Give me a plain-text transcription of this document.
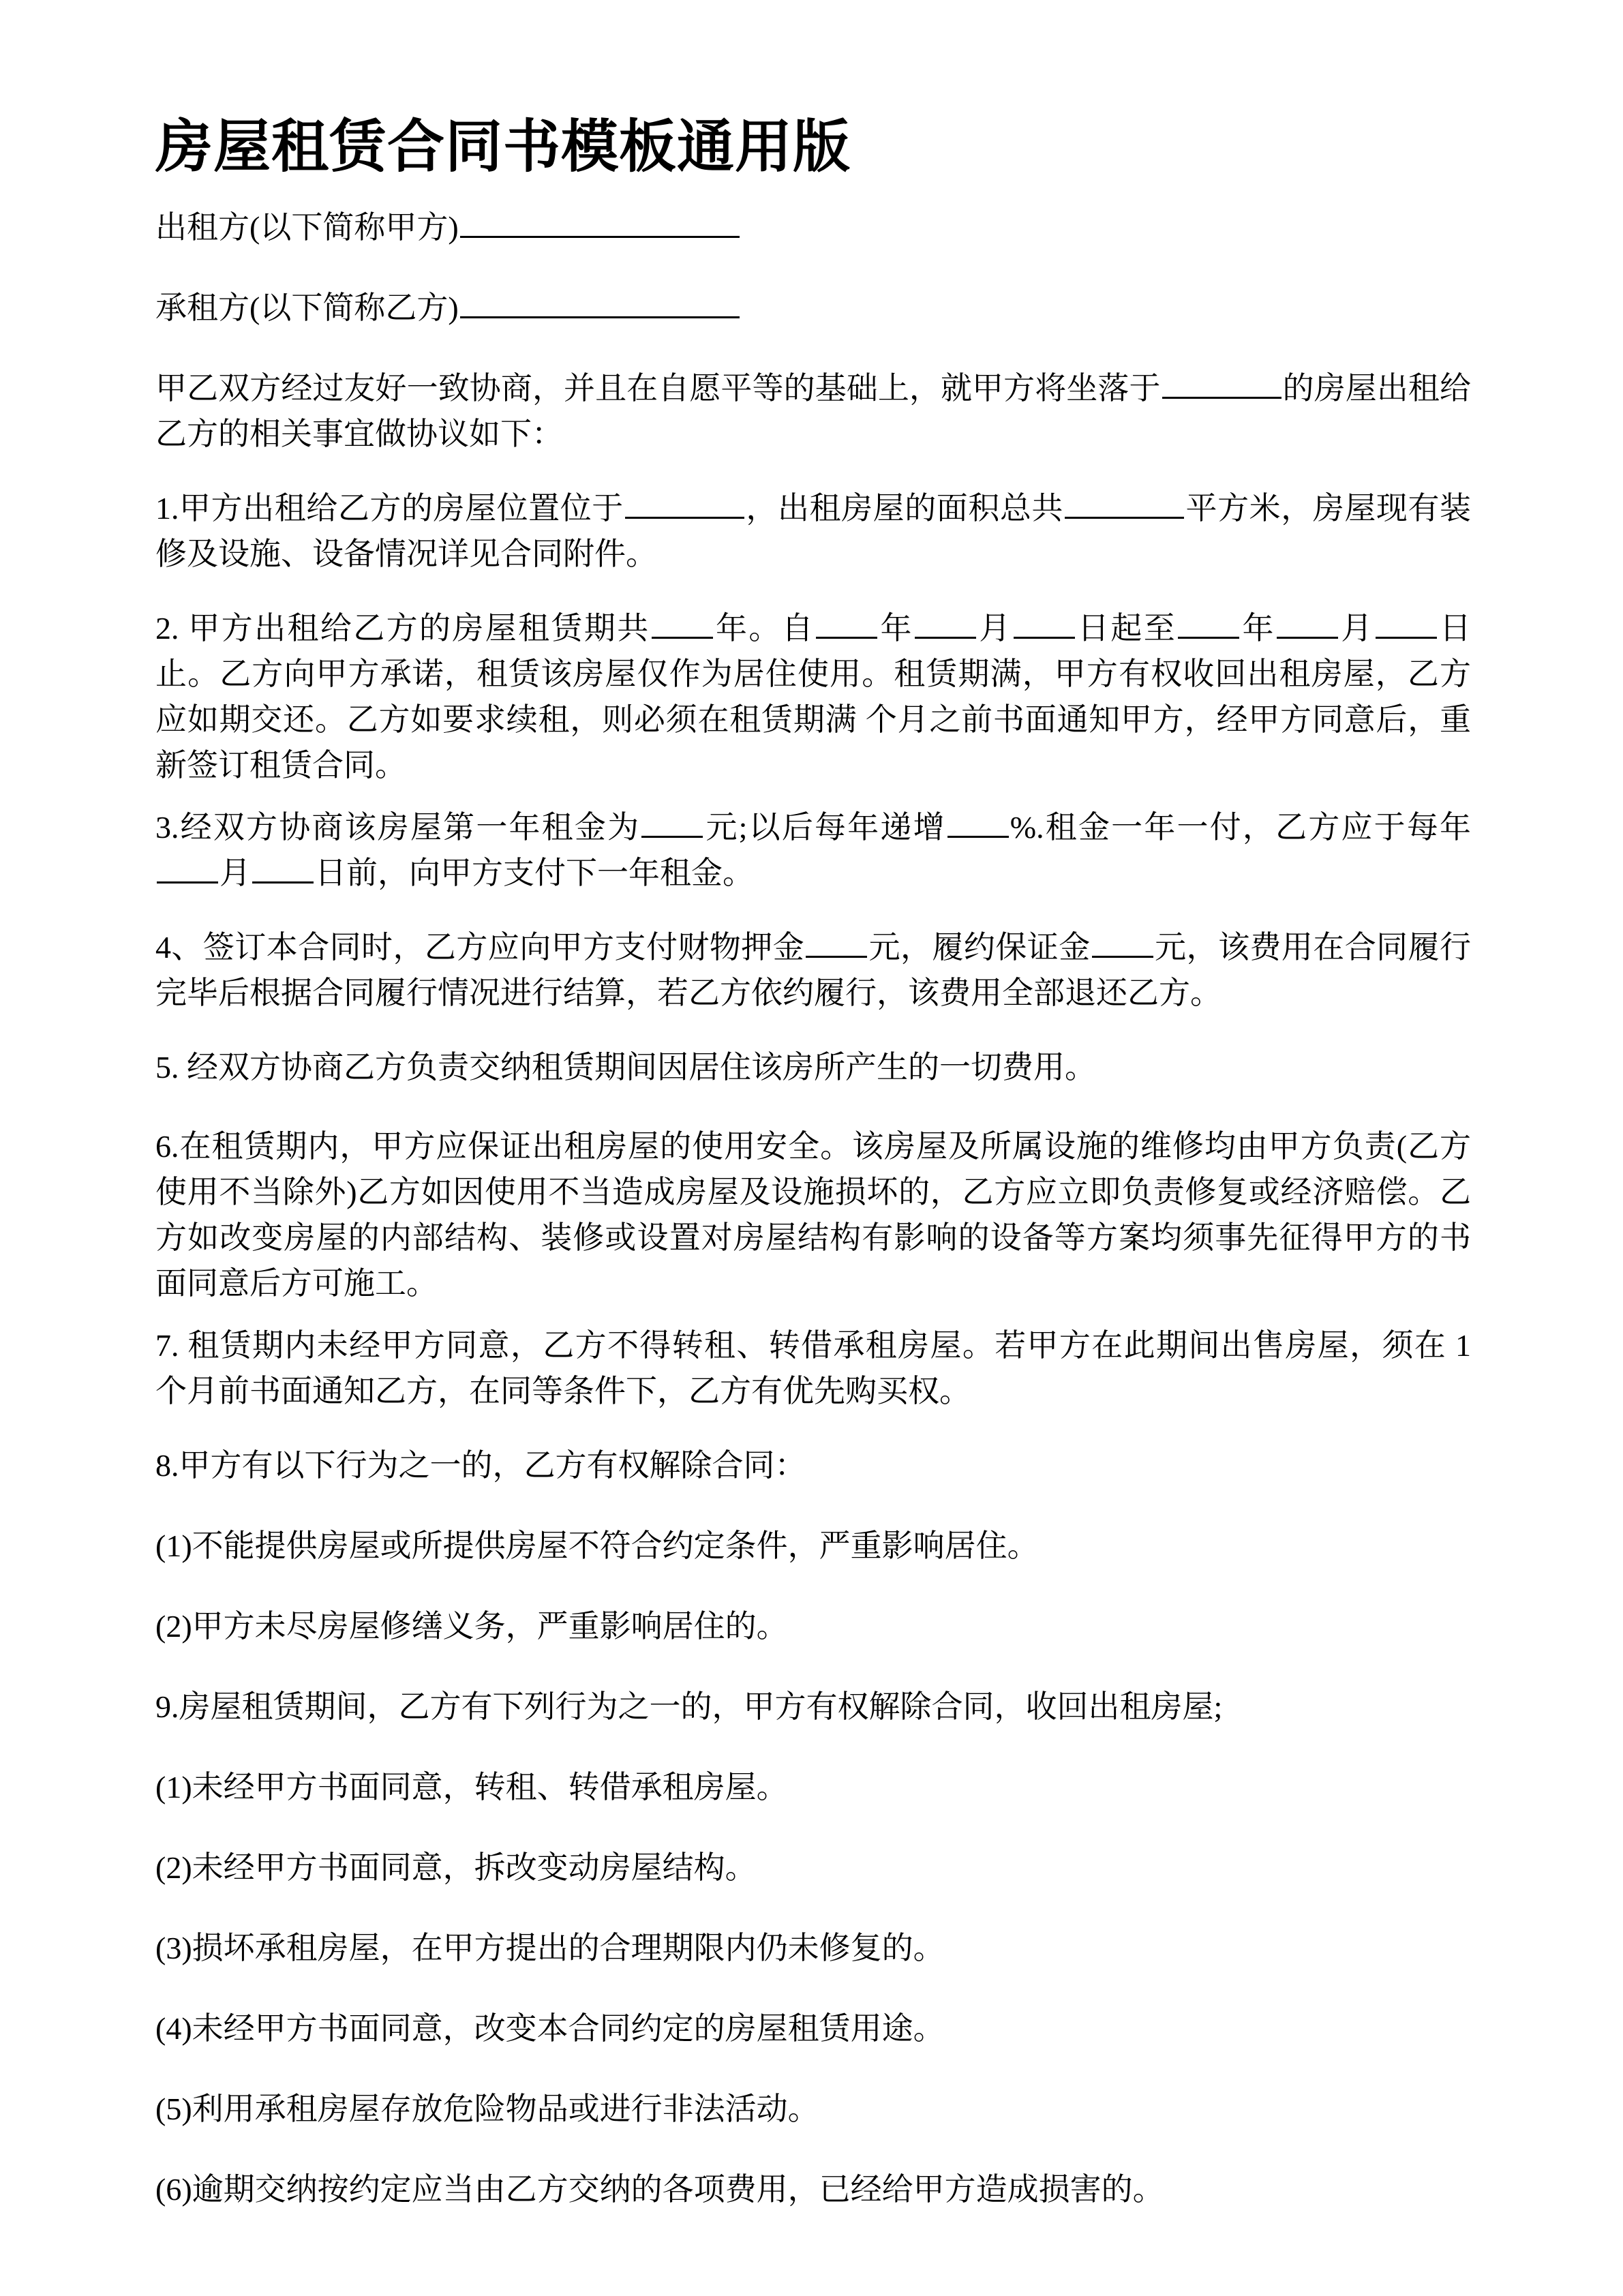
房屋租赁合同书模板通用版

出租方(以下简称甲方)

承租方(以下简称乙方)

甲乙双方经过友好一致协商，并且在自愿平等的基础上，就甲方将坐落于	的房屋出租给乙方的相关事宜做协议如下：

1.甲方出租给乙方的房屋位置位于	，出租房屋的面积总共	平方米，房屋现有装修及设施、设备情况详见合同附件。

2. 甲方出租给乙方的房屋租赁期共 年。自 年 月 日起至 年 月 日止。乙方向甲方承诺，租赁该房屋仅作为居住使用。租赁期满，甲方有权收回出租房屋，乙方应如期交还。乙方如要求续租，则必须在租赁期满 个月之前书面通知甲方，经甲方同意后，重新签订租赁合同。

3.经双方协商该房屋第一年租金为 元;以后每年递增 %.租金一年一付，乙方应于每年月 日前，向甲方支付下一年租金。

4、签订本合同时，乙方应向甲方支付财物押金 元，履约保证金 元，该费用在合同履行完毕后根据合同履行情况进行结算，若乙方依约履行，该费用全部退还乙方。

5. 经双方协商乙方负责交纳租赁期间因居住该房所产生的一切费用。

6.在租赁期内，甲方应保证出租房屋的使用安全。该房屋及所属设施的维修均由甲方负责(乙方使用不当除外)乙方如因使用不当造成房屋及设施损坏的，乙方应立即负责修复或经济赔偿。乙方如改变房屋的内部结构、装修或设置对房屋结构有影响的设备等方案均须事先征得甲方的书面同意后方可施工。

7. 租赁期内未经甲方同意，乙方不得转租、转借承租房屋。若甲方在此期间出售房屋，须在 1 个月前书面通知乙方，在同等条件下，乙方有优先购买权。

8.甲方有以下行为之一的，乙方有权解除合同：

(1)不能提供房屋或所提供房屋不符合约定条件，严重影响居住。

(2)甲方未尽房屋修缮义务，严重影响居住的。

9.房屋租赁期间，乙方有下列行为之一的，甲方有权解除合同，收回出租房屋;

(1)未经甲方书面同意，转租、转借承租房屋。

(2)未经甲方书面同意，拆改变动房屋结构。

(3)损坏承租房屋，在甲方提出的合理期限内仍未修复的。

(4)未经甲方书面同意，改变本合同约定的房屋租赁用途。

(5)利用承租房屋存放危险物品或进行非法活动。

(6)逾期交纳按约定应当由乙方交纳的各项费用，已经给甲方造成损害的。
